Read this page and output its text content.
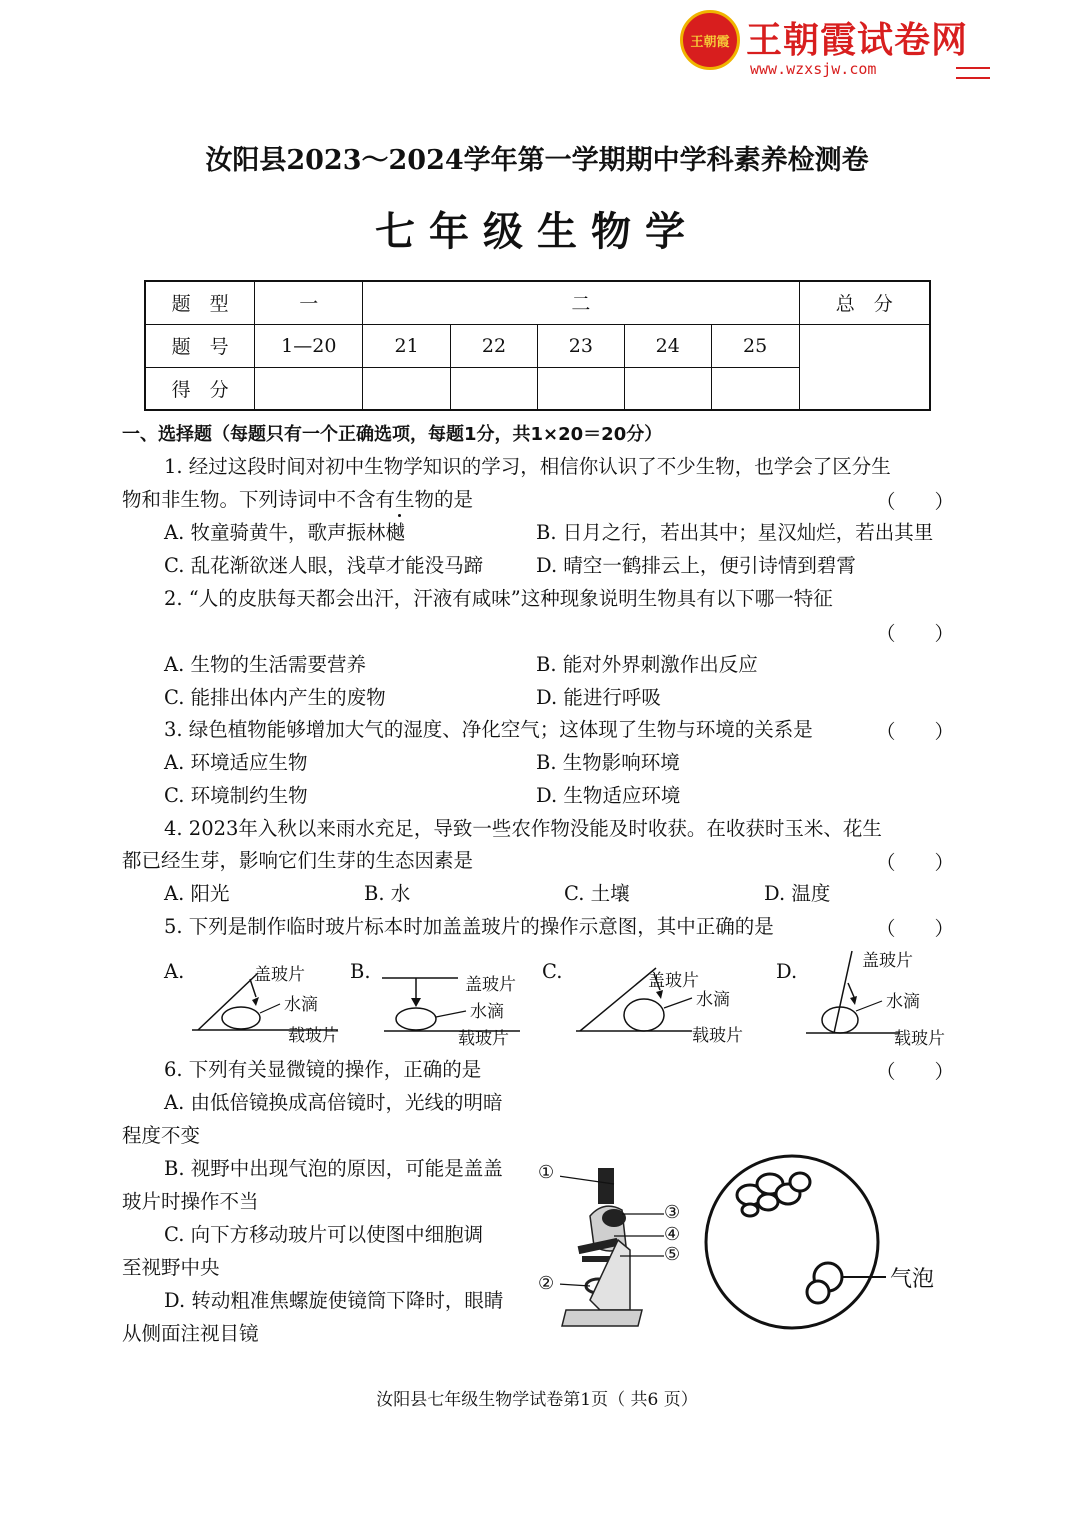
王朝霞 王朝霞试卷网
www.wzxsjw.com
汝阳县2023～2024学年第一学期期中学科素养检测卷
七年级生物学
题　型	一	二					总　分
题　号	1—20	21	22	23	24	25	
得　分							
一、选择题（每题只有一个正确选项，每题1分，共1×20＝20分）
1. 经过这段时间对初中生物学知识的学习，相信你认识了不少生物，也学会了区分生
物和非生物。下列诗词中不含有生物的是	（　　）
A. 牧童骑黄牛，歌声振林樾	B. 日月之行，若出其中；星汉灿烂，若出其里
C. 乱花渐欲迷人眼，浅草才能没马蹄	D. 晴空一鹤排云上，便引诗情到碧霄
2. “人的皮肤每天都会出汗，汗液有咸味”这种现象说明生物具有以下哪一特征
（　　）
A. 生物的生活需要营养	B. 能对外界刺激作出反应
C. 能排出体内产生的废物	D. 能进行呼吸
3. 绿色植物能够增加大气的湿度、净化空气；这体现了生物与环境的关系是	（　　）
A. 环境适应生物	B. 生物影响环境
C. 环境制约生物	D. 生物适应环境
4. 2023年入秋以来雨水充足，导致一些农作物没能及时收获。在收获时玉米、花生
都已经生芽，影响它们生芽的生态因素是	（　　）
A. 阳光	B. 水	C. 土壤	D. 温度
5. 下列是制作临时玻片标本时加盖盖玻片的操作示意图，其中正确的是	（　　）
A.	盖玻片
水滴
载玻片
B.
盖玻片
水滴
载玻片
C.	盖玻片
水滴
载玻片
D.	盖玻片
水滴
载玻片
6. 下列有关显微镜的操作，正确的是	（　　）
A. 由低倍镜换成高倍镜时，光线的明暗
程度不变
B. 视野中出现气泡的原因，可能是盖盖
玻片时操作不当
C. 向下方移动玻片可以使图中细胞调
至视野中央
D. 转动粗准焦螺旋使镜筒下降时，眼睛
从侧面注视目镜
①
②
③
④
⑤
气泡
汝阳县七年级生物学试卷第1页（ 共6 页）
